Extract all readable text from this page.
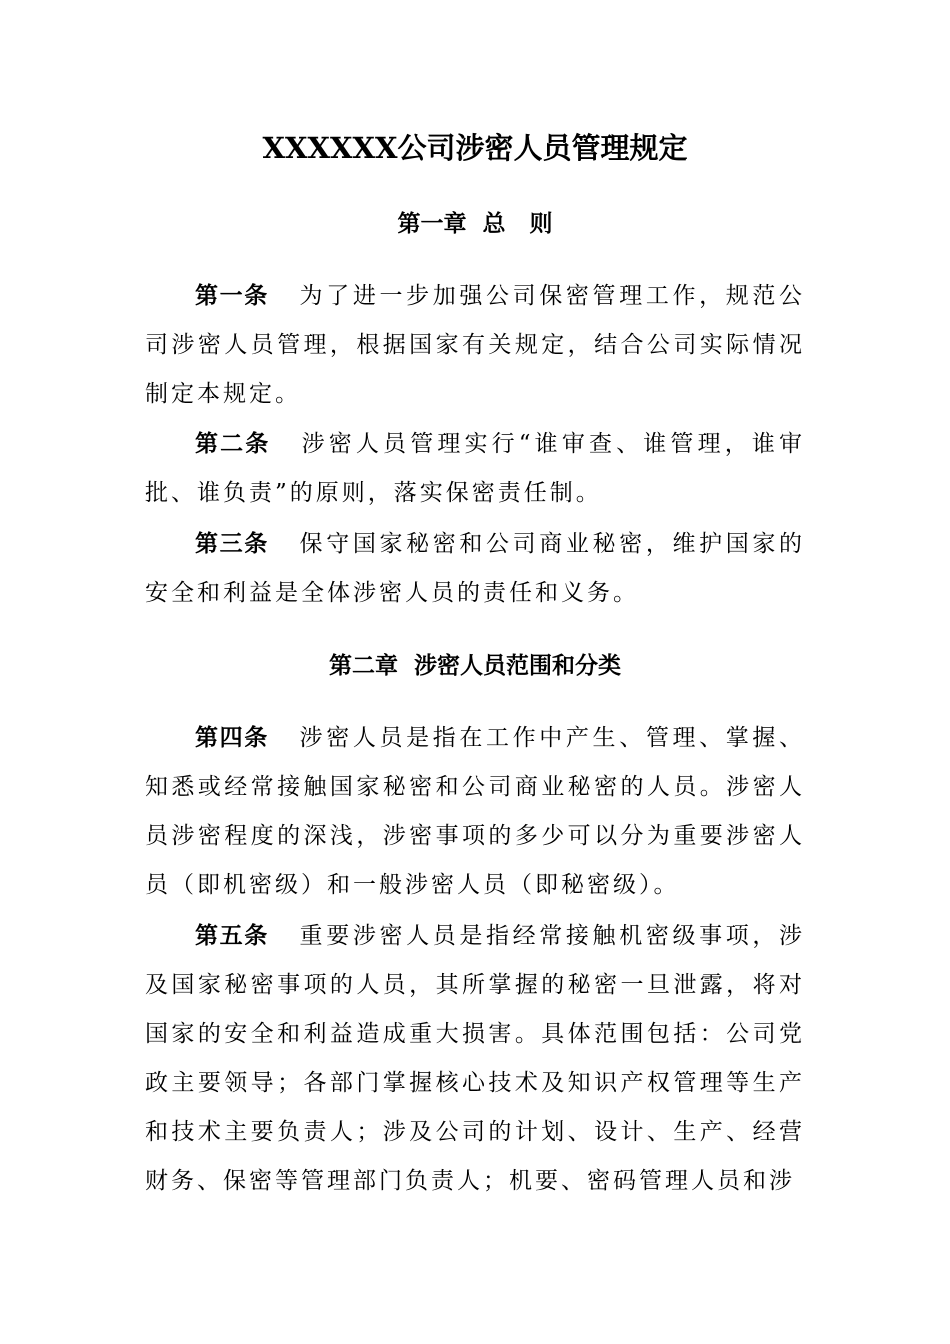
XXXXXX公司涉密人员管理规定
第一章  总   则

第一条 为了进一步加强公司保密管理工作，规范公司涉密人员管理，根据国家有关规定，结合公司实际情况制定本规定。

第二条 涉密人员管理实行“谁审查、谁管理，谁审批、谁负责”的原则，落实保密责任制。

第三条 保守国家秘密和公司商业秘密，维护国家的安全和利益是全体涉密人员的责任和义务。

第二章  涉密人员范围和分类

第四条 涉密人员是指在工作中产生、管理、掌握、知悉或经常接触国家秘密和公司商业秘密的人员。涉密人员涉密程度的深浅，涉密事项的多少可以分为重要涉密人员（即机密级）和一般涉密人员（即秘密级）。

第五条 重要涉密人员是指经常接触机密级事项，涉及国家秘密事项的人员，其所掌握的秘密一旦泄露，将对国家的安全和利益造成重大损害。具体范围包括：公司党政主要领导；各部门掌握核心技术及知识产权管理等生产和技术主要负责人；涉及公司的计划、设计、生产、经营财务、保密等管理部门负责人；机要、密码管理人员和涉
